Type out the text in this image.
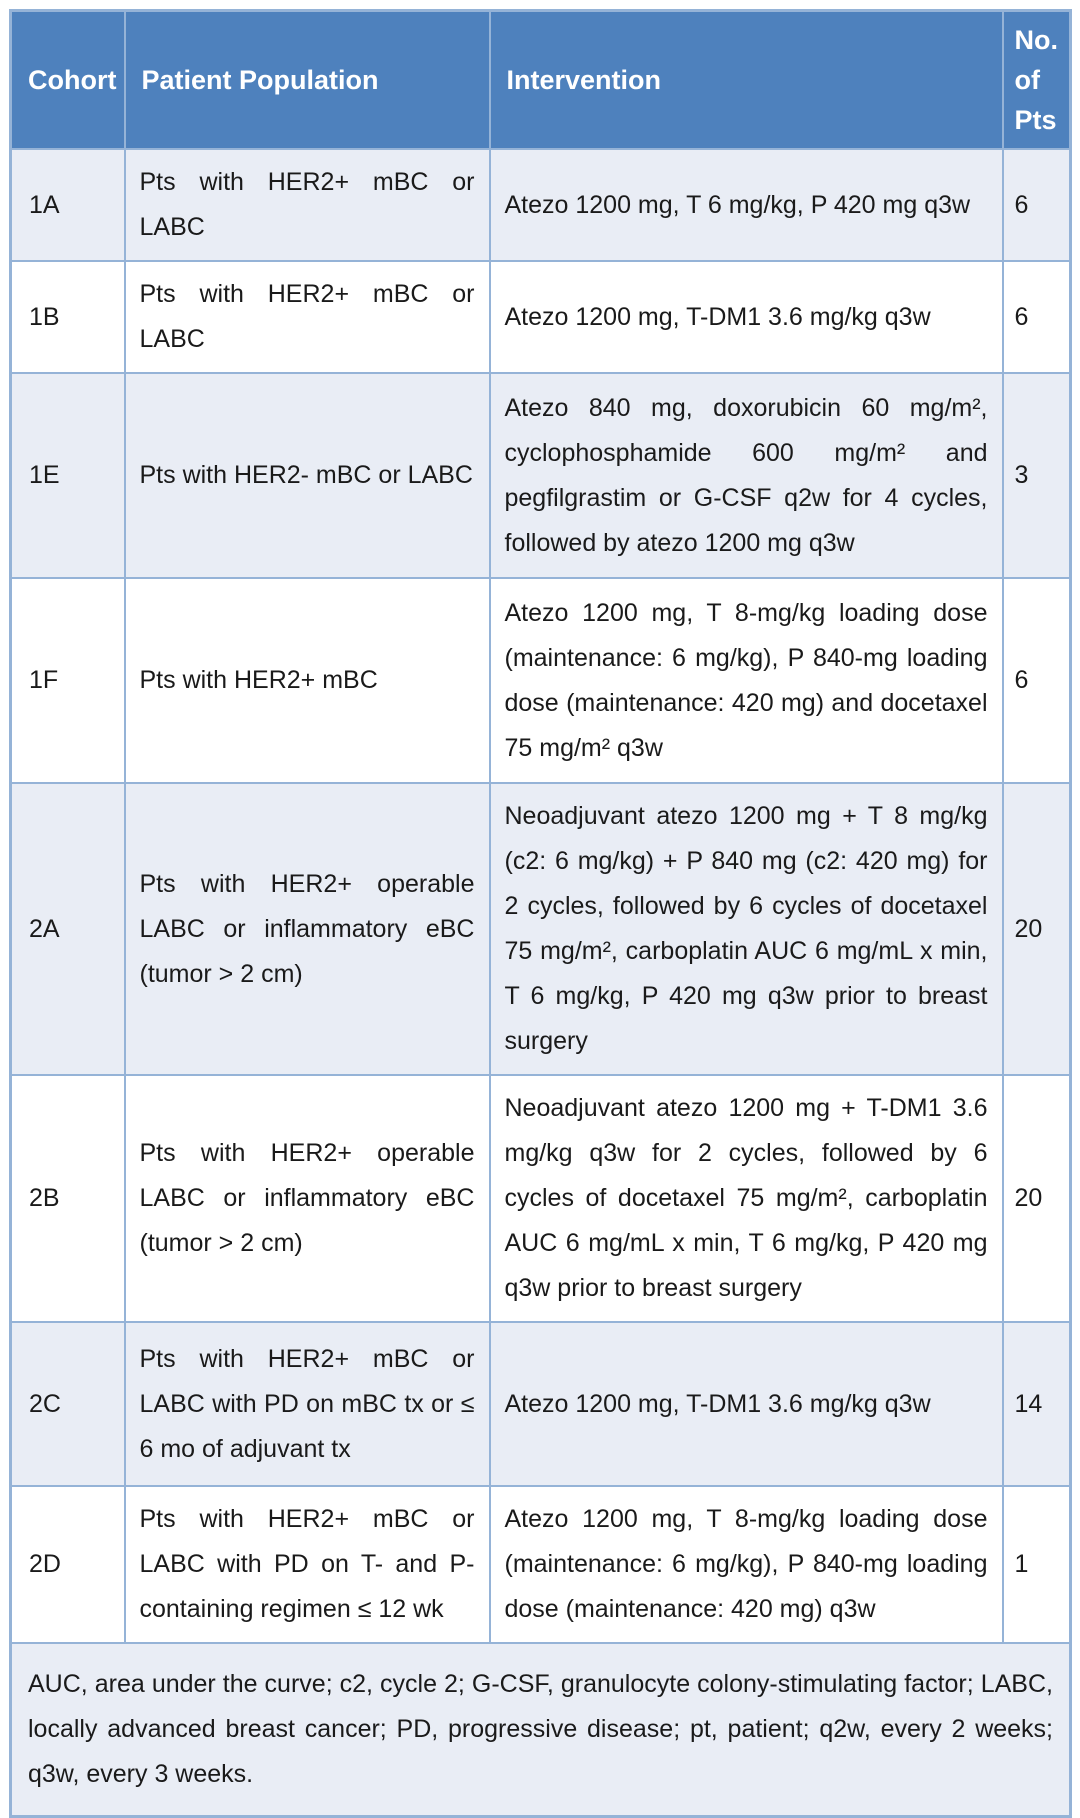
Cohort	Patient Population	Intervention	No. of Pts
1A	Pts with HER2+ mBC or LABC	Atezo 1200 mg, T 6 mg/kg, P 420 mg q3w	6
1B	Pts with HER2+ mBC or LABC	Atezo 1200 mg, T-DM1 3.6 mg/kg q3w	6
1E	Pts with HER2- mBC or LABC	Atezo 840 mg, doxorubicin 60 mg/m², cyclophosphamide 600 mg/m² and pegfilgrastim or G-CSF q2w for 4 cycles, followed by atezo 1200 mg q3w	3
1F	Pts with HER2+ mBC	Atezo 1200 mg, T 8-mg/kg loading dose (maintenance: 6 mg/kg), P 840-mg loading dose (maintenance: 420 mg) and docetaxel 75 mg/m² q3w	6
2A	Pts with HER2+ operable LABC or inflammatory eBC (tumor > 2 cm)	Neoadjuvant atezo 1200 mg + T 8 mg/kg (c2: 6 mg/kg) + P 840 mg (c2: 420 mg) for 2 cycles, followed by 6 cycles of docetaxel 75 mg/m², carboplatin AUC 6 mg/mL x min, T 6 mg/kg, P 420 mg q3w prior to breast surgery	20
2B	Pts with HER2+ operable LABC or inflammatory eBC (tumor > 2 cm)	Neoadjuvant atezo 1200 mg + T-DM1 3.6 mg/kg q3w for 2 cycles, followed by 6 cycles of docetaxel 75 mg/m², carboplatin AUC 6 mg/mL x min, T 6 mg/kg, P 420 mg q3w prior to breast surgery	20
2C	Pts with HER2+ mBC or LABC with PD on mBC tx or ≤ 6 mo of adjuvant tx	Atezo 1200 mg, T-DM1 3.6 mg/kg q3w	14
2D	Pts with HER2+ mBC or LABC with PD on T- and P-containing regimen ≤ 12 wk	Atezo 1200 mg, T 8-mg/kg loading dose (maintenance: 6 mg/kg), P 840-mg loading dose (maintenance: 420 mg) q3w	1
AUC, area under the curve; c2, cycle 2; G-CSF, granulocyte colony-stimulating factor; LABC, locally advanced breast cancer; PD, progressive disease; pt, patient; q2w, every 2 weeks; q3w, every 3 weeks.			
